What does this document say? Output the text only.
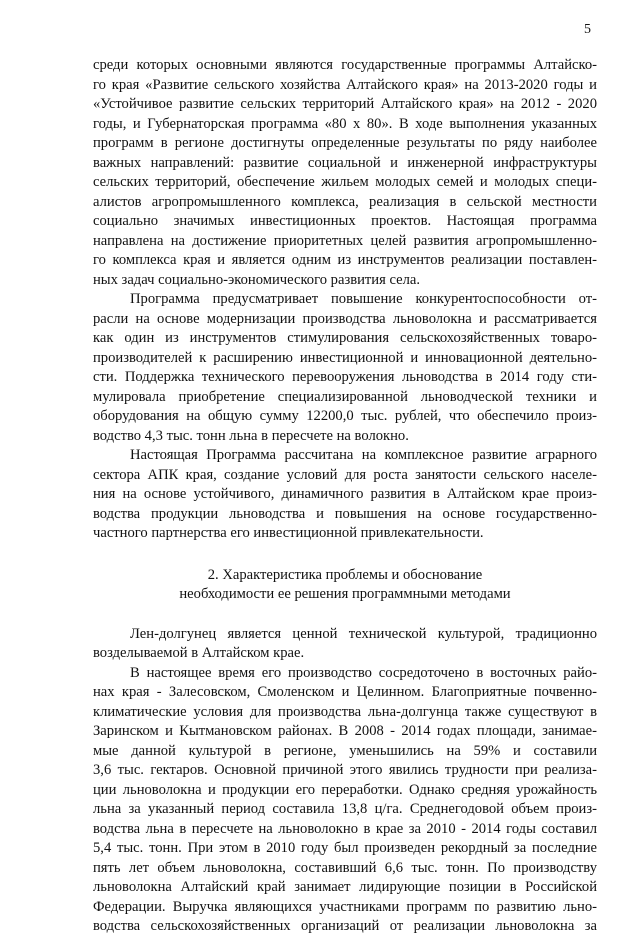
5
среди которых основными являются государственные программы Алтайско-
го края «Развитие сельского хозяйства Алтайского края» на 2013-2020 годы и
«Устойчивое развитие сельских территорий Алтайского края» на 2012 - 2020
годы, и Губернаторская программа «80 х 80». В ходе выполнения указанных
программ в регионе достигнуты определенные результаты по ряду наиболее
важных направлений: развитие социальной и инженерной инфраструктуры
сельских территорий, обеспечение жильем молодых семей и молодых специ-
алистов агропромышленного комплекса, реализация в сельской местности
социально значимых инвестиционных проектов. Настоящая программа
направлена на достижение приоритетных целей развития агропромышленно-
го комплекса края и является одним из инструментов реализации поставлен-
ных задач социально-экономического развития села.
Программа предусматривает повышение конкурентоспособности от-
расли на основе модернизации производства льноволокна и рассматривается
как один из инструментов стимулирования сельскохозяйственных товаро-
производителей к расширению инвестиционной и инновационной деятельно-
сти. Поддержка технического перевооружения льноводства в 2014 году сти-
мулировала приобретение специализированной льноводческой техники и
оборудования на общую сумму 12200,0 тыс. рублей, что обеспечило произ-
водство 4,3 тыс. тонн льна в пересчете на волокно.
Настоящая Программа рассчитана на комплексное развитие аграрного
сектора АПК края, создание условий для роста занятости сельского населе-
ния на основе устойчивого, динамичного развития в Алтайском крае произ-
водства продукции льноводства и повышения на основе государственно-
частного партнерства его инвестиционной привлекательности.
2. Характеристика проблемы и обоснование
необходимости ее решения программными методами
Лен-долгунец является ценной технической культурой, традиционно
возделываемой в Алтайском крае.
В настоящее время его производство сосредоточено в восточных райо-
нах края - Залесовском, Смоленском и Целинном. Благоприятные почвенно-
климатические условия для производства льна-долгунца также существуют в
Заринском и Кытмановском районах. В 2008 - 2014 годах площади, занимае-
мые данной культурой в регионе, уменьшились на 59% и составили
3,6 тыс. гектаров. Основной причиной этого явились трудности при реализа-
ции льноволокна и продукции его переработки. Однако средняя урожайность
льна за указанный период составила 13,8 ц/га. Среднегодовой объем произ-
водства льна в пересчете на льноволокно в крае за 2010 - 2014 годы составил
5,4 тыс. тонн. При этом в 2010 году был произведен рекордный за последние
пять лет объем льноволокна, составивший 6,6 тыс. тонн. По производству
льноволокна Алтайский край занимает лидирующие позиции в Российской
Федерации. Выручка являющихся участниками программ по развитию льно-
водства сельскохозяйственных организаций от реализации льноволокна за
